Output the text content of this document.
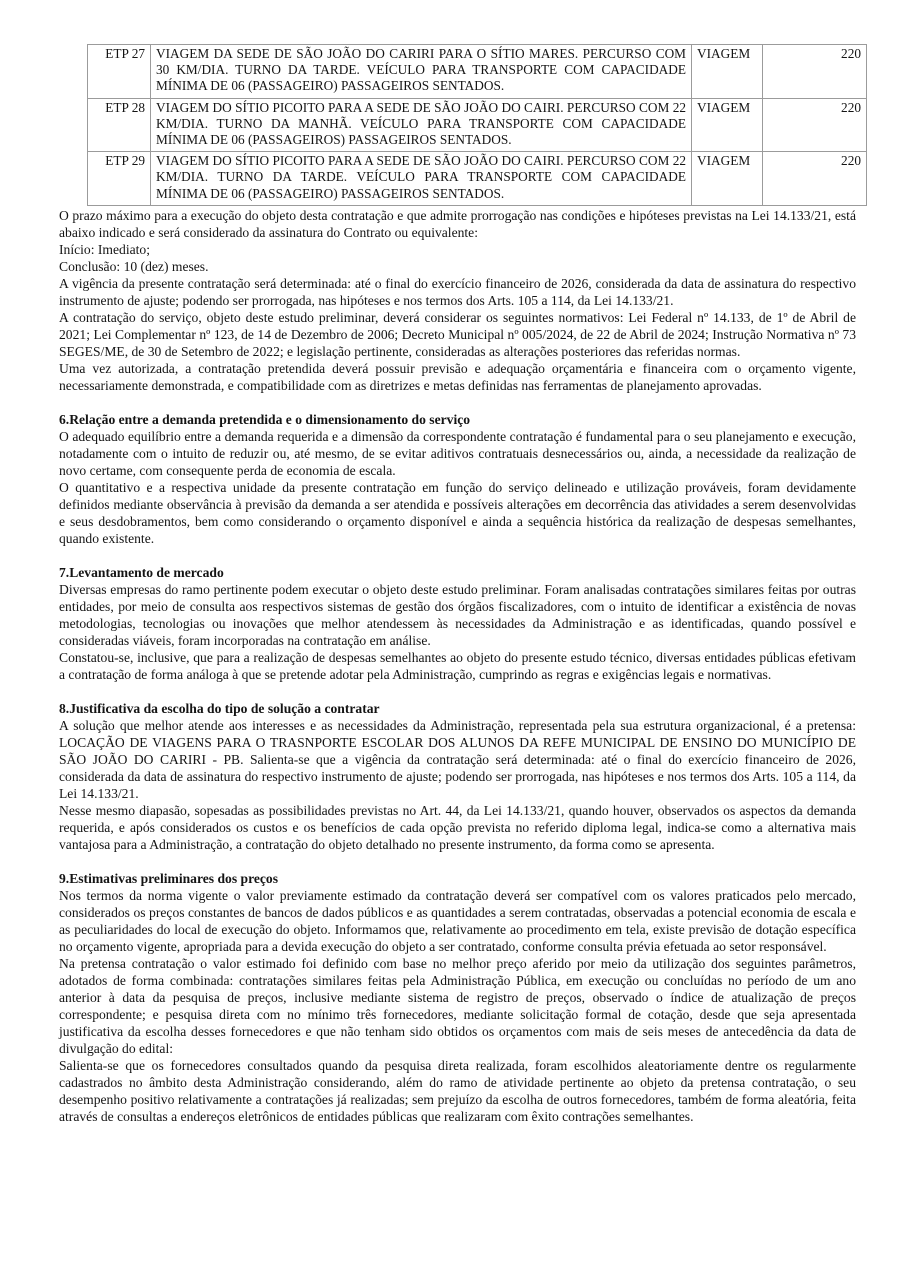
ETP 27	VIAGEM DA SEDE DE SÃO JOÃO DO CARIRI PARA O SÍTIO MARES. PERCURSO COM 30 KM/DIA. TURNO DA TARDE. VEÍCULO PARA TRANSPORTE COM CAPACIDADE MÍNIMA DE 06 (PASSAGEIRO) PASSAGEIROS SENTADOS.	VIAGEM	220
ETP 28	VIAGEM DO SÍTIO PICOITO PARA A SEDE DE SÃO JOÃO DO CAIRI. PERCURSO COM 22 KM/DIA. TURNO DA MANHÃ. VEÍCULO PARA TRANSPORTE COM CAPACIDADE MÍNIMA DE 06 (PASSAGEIROS) PASSAGEIROS SENTADOS.	VIAGEM	220
ETP 29	VIAGEM DO SÍTIO PICOITO PARA A SEDE DE SÃO JOÃO DO CAIRI. PERCURSO COM 22 KM/DIA. TURNO DA TARDE. VEÍCULO PARA TRANSPORTE COM CAPACIDADE MÍNIMA DE 06 (PASSAGEIRO) PASSAGEIROS SENTADOS.	VIAGEM	220

O prazo máximo para a execução do objeto desta contratação e que admite prorrogação nas condições e hipóteses previstas na Lei 14.133/21, está abaixo indicado e será considerado da assinatura do Contrato ou equivalente:

Início: Imediato;

Conclusão: 10 (dez) meses.

A vigência da presente contratação será determinada: até o final do exercício financeiro de 2026, considerada da data de assinatura do respectivo instrumento de ajuste; podendo ser prorrogada, nas hipóteses e nos termos dos Arts. 105 a 114, da Lei 14.133/21.

A contratação do serviço, objeto deste estudo preliminar, deverá considerar os seguintes normativos: Lei Federal nº 14.133, de 1º de Abril de 2021; Lei Complementar nº 123, de 14 de Dezembro de 2006; Decreto Municipal nº 005/2024, de 22 de Abril de 2024; Instrução Normativa nº 73 SEGES/ME, de 30 de Setembro de 2022; e legislação pertinente, consideradas as alterações posteriores das referidas normas.

Uma vez autorizada, a contratação pretendida deverá possuir previsão e adequação orçamentária e financeira com o orçamento vigente, necessariamente demonstrada, e compatibilidade com as diretrizes e metas definidas nas ferramentas de planejamento aprovadas.

6.Relação entre a demanda pretendida e o dimensionamento do serviço

O adequado equilíbrio entre a demanda requerida e a dimensão da correspondente contratação é fundamental para o seu planejamento e execução, notadamente com o intuito de reduzir ou, até mesmo, de se evitar aditivos contratuais desnecessários ou, ainda, a necessidade da realização de novo certame, com consequente perda de economia de escala.

O quantitativo e a respectiva unidade da presente contratação em função do serviço delineado e utilização prováveis, foram devidamente definidos mediante observância à previsão da demanda a ser atendida e possíveis alterações em decorrência das atividades a serem desenvolvidas e seus desdobramentos, bem como considerando o orçamento disponível e ainda a sequência histórica da realização de despesas semelhantes, quando existente.

7.Levantamento de mercado

Diversas empresas do ramo pertinente podem executar o objeto deste estudo preliminar. Foram analisadas contratações similares feitas por outras entidades, por meio de consulta aos respectivos sistemas de gestão dos órgãos fiscalizadores, com o intuito de identificar a existência de novas metodologias, tecnologias ou inovações que melhor atendessem às necessidades da Administração e as identificadas, quando possível e consideradas viáveis, foram incorporadas na contratação em análise.

Constatou-se, inclusive, que para a realização de despesas semelhantes ao objeto do presente estudo técnico, diversas entidades públicas efetivam a contratação de forma análoga à que se pretende adotar pela Administração, cumprindo as regras e exigências legais e normativas.

8.Justificativa da escolha do tipo de solução a contratar

A solução que melhor atende aos interesses e as necessidades da Administração, representada pela sua estrutura organizacional, é a pretensa: LOCAÇÃO DE VIAGENS PARA O TRASNPORTE ESCOLAR DOS ALUNOS DA REFE MUNICIPAL DE ENSINO DO MUNICÍPIO DE SÃO JOÃO DO CARIRI - PB. Salienta-se que a vigência da contratação será determinada: até o final do exercício financeiro de 2026, considerada da data de assinatura do respectivo instrumento de ajuste; podendo ser prorrogada, nas hipóteses e nos termos dos Arts. 105 a 114, da Lei 14.133/21.

Nesse mesmo diapasão, sopesadas as possibilidades previstas no Art. 44, da Lei 14.133/21, quando houver, observados os aspectos da demanda requerida, e após considerados os custos e os benefícios de cada opção prevista no referido diploma legal, indica-se como a alternativa mais vantajosa para a Administração, a contratação do objeto detalhado no presente instrumento, da forma como se apresenta.

9.Estimativas preliminares dos preços

Nos termos da norma vigente o valor previamente estimado da contratação deverá ser compatível com os valores praticados pelo mercado, considerados os preços constantes de bancos de dados públicos e as quantidades a serem contratadas, observadas a potencial economia de escala e as peculiaridades do local de execução do objeto. Informamos que, relativamente ao procedimento em tela, existe previsão de dotação específica no orçamento vigente, apropriada para a devida execução do objeto a ser contratado, conforme consulta prévia efetuada ao setor responsável.

Na pretensa contratação o valor estimado foi definido com base no melhor preço aferido por meio da utilização dos seguintes parâmetros, adotados de forma combinada: contratações similares feitas pela Administração Pública, em execução ou concluídas no período de um ano anterior à data da pesquisa de preços, inclusive mediante sistema de registro de preços, observado o índice de atualização de preços correspondente; e pesquisa direta com no mínimo três fornecedores, mediante solicitação formal de cotação, desde que seja apresentada justificativa da escolha desses fornecedores e que não tenham sido obtidos os orçamentos com mais de seis meses de antecedência da data de divulgação do edital:

Salienta-se que os fornecedores consultados quando da pesquisa direta realizada, foram escolhidos aleatoriamente dentre os regularmente cadastrados no âmbito desta Administração considerando, além do ramo de atividade pertinente ao objeto da pretensa contratação, o seu desempenho positivo relativamente a contratações já realizadas; sem prejuízo da escolha de outros fornecedores, também de forma aleatória, feita através de consultas a endereços eletrônicos de entidades públicas que realizaram com êxito contrações semelhantes.
